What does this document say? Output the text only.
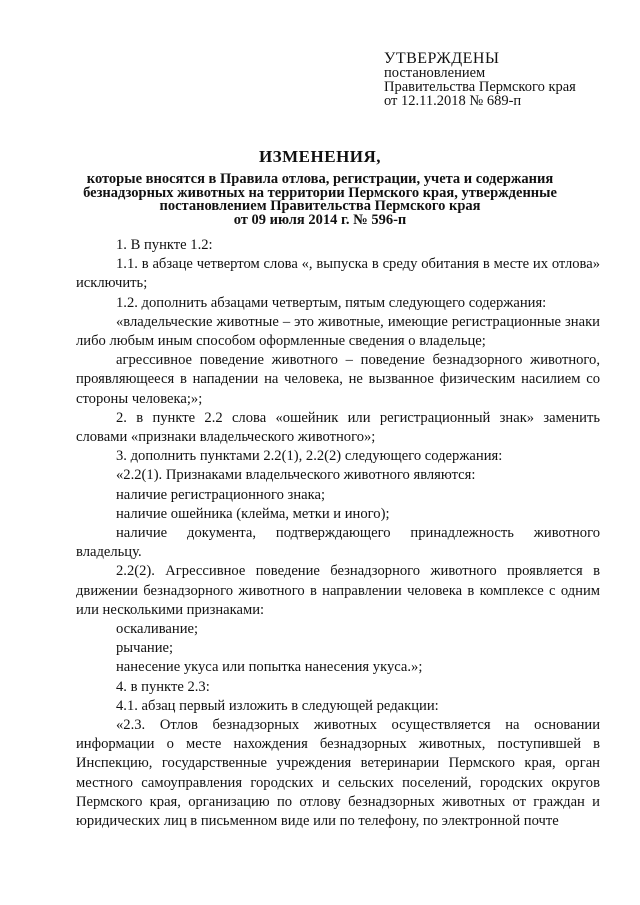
УТВЕРЖДЕНЫ
постановлением
Правительства Пермского края
от 12.11.2018 № 689-п
ИЗМЕНЕНИЯ,
которые вносятся в Правила отлова, регистрации, учета и содержания
безнадзорных животных на территории Пермского края, утвержденные
постановлением Правительства Пермского края
от 09 июля 2014 г. № 596-п

1. В пункте 1.2:

1.1. в абзаце четвертом слова «, выпуска в среду обитания в месте их отлова» исключить;

1.2. дополнить абзацами четвертым, пятым следующего содержания:

«владельческие животные – это животные, имеющие регистрационные знаки либо любым иным способом оформленные сведения о владельце;

агрессивное поведение животного – поведение безнадзорного животного, проявляющееся в нападении на человека, не вызванное физическим насилием со стороны человека;»;

2. в пункте 2.2 слова «ошейник или регистрационный знак» заменить словами «признаки владельческого животного»;

3. дополнить пунктами 2.2(1), 2.2(2) следующего содержания:

«2.2(1). Признаками владельческого животного являются:

наличие регистрационного знака;

наличие ошейника (клейма, метки и иного);

наличие документа, подтверждающего принадлежность животного владельцу.

2.2(2). Агрессивное поведение безнадзорного животного проявляется в движении безнадзорного животного в направлении человека в комплексе с одним или несколькими признаками:

оскаливание;

рычание;

нанесение укуса или попытка нанесения укуса.»;

4. в пункте 2.3:

4.1. абзац первый изложить в следующей редакции:

«2.3. Отлов безнадзорных животных осуществляется на основании информации о месте нахождения безнадзорных животных, поступившей в Инспекцию, государственные учреждения ветеринарии Пермского края, орган местного самоуправления городских и сельских поселений, городских округов Пермского края, организацию по отлову безнадзорных животных от граждан и юридических лиц в письменном виде или по телефону, по электронной почте
